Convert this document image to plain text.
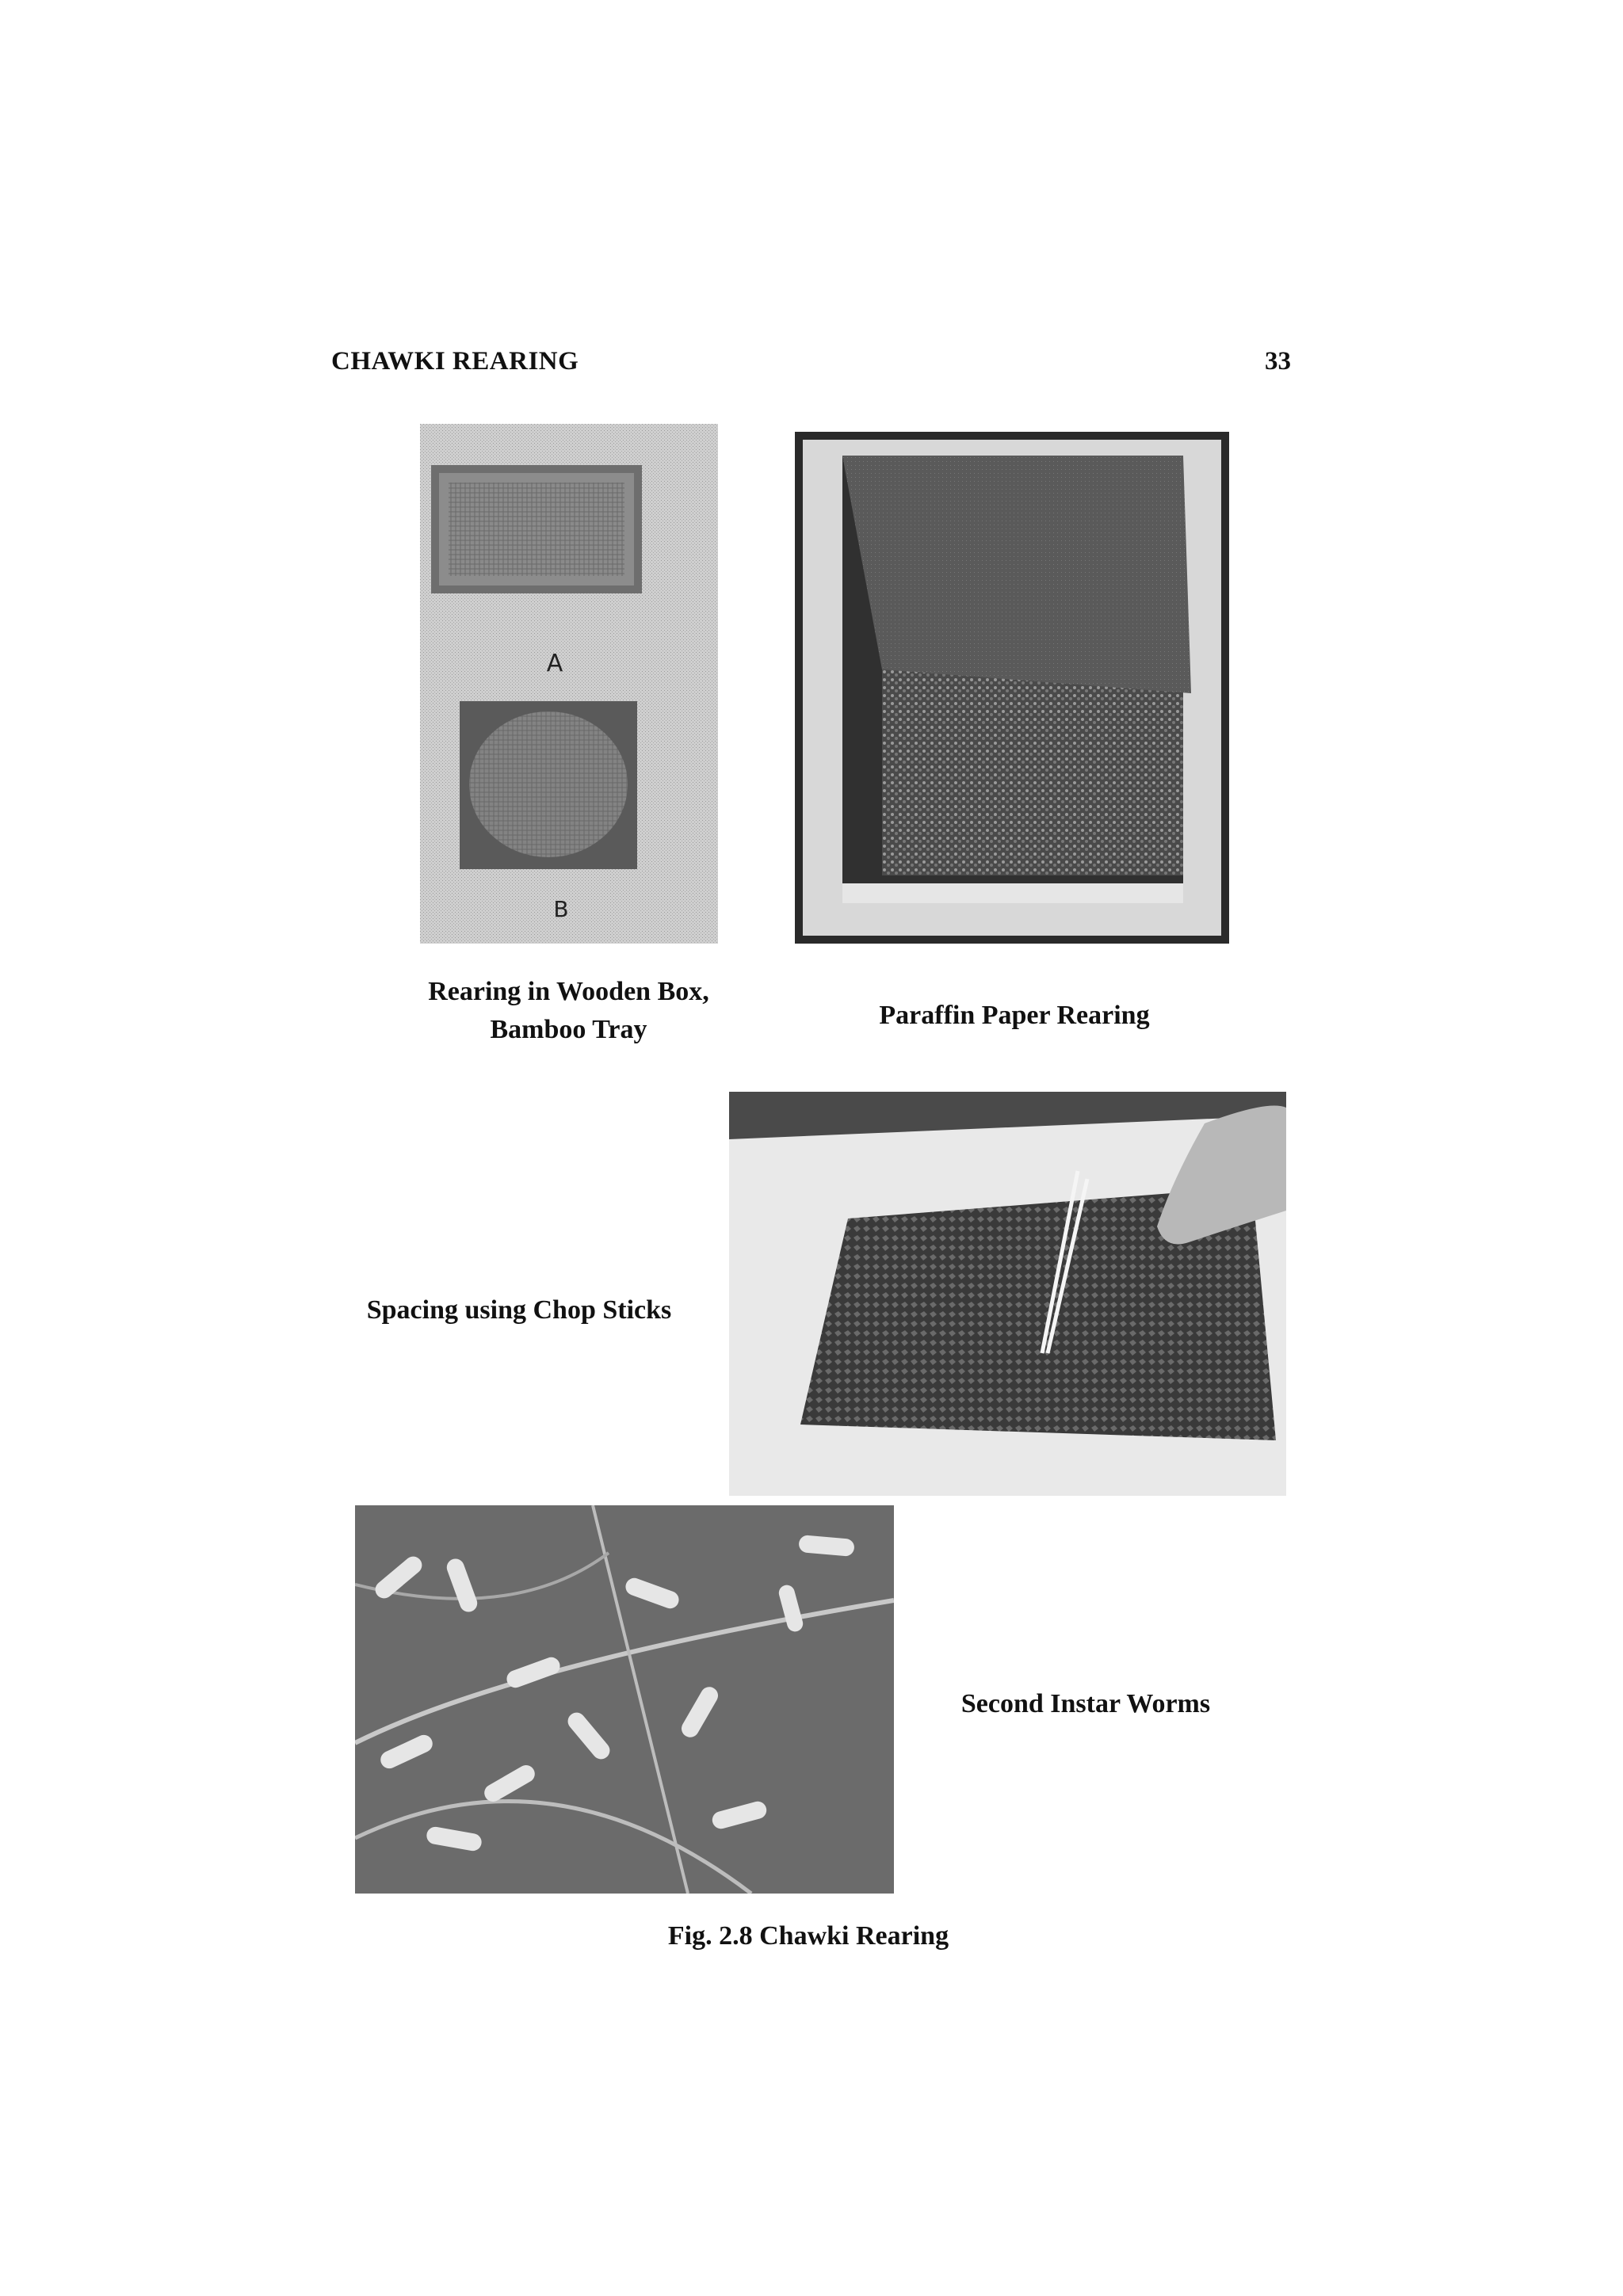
CHAWKI REARING	33
A
B
Rearing in Wooden Box,
Bamboo Tray	Paraffin Paper Rearing
Spacing using Chop Sticks
Second Instar Worms
Fig. 2.8 Chawki Rearing
